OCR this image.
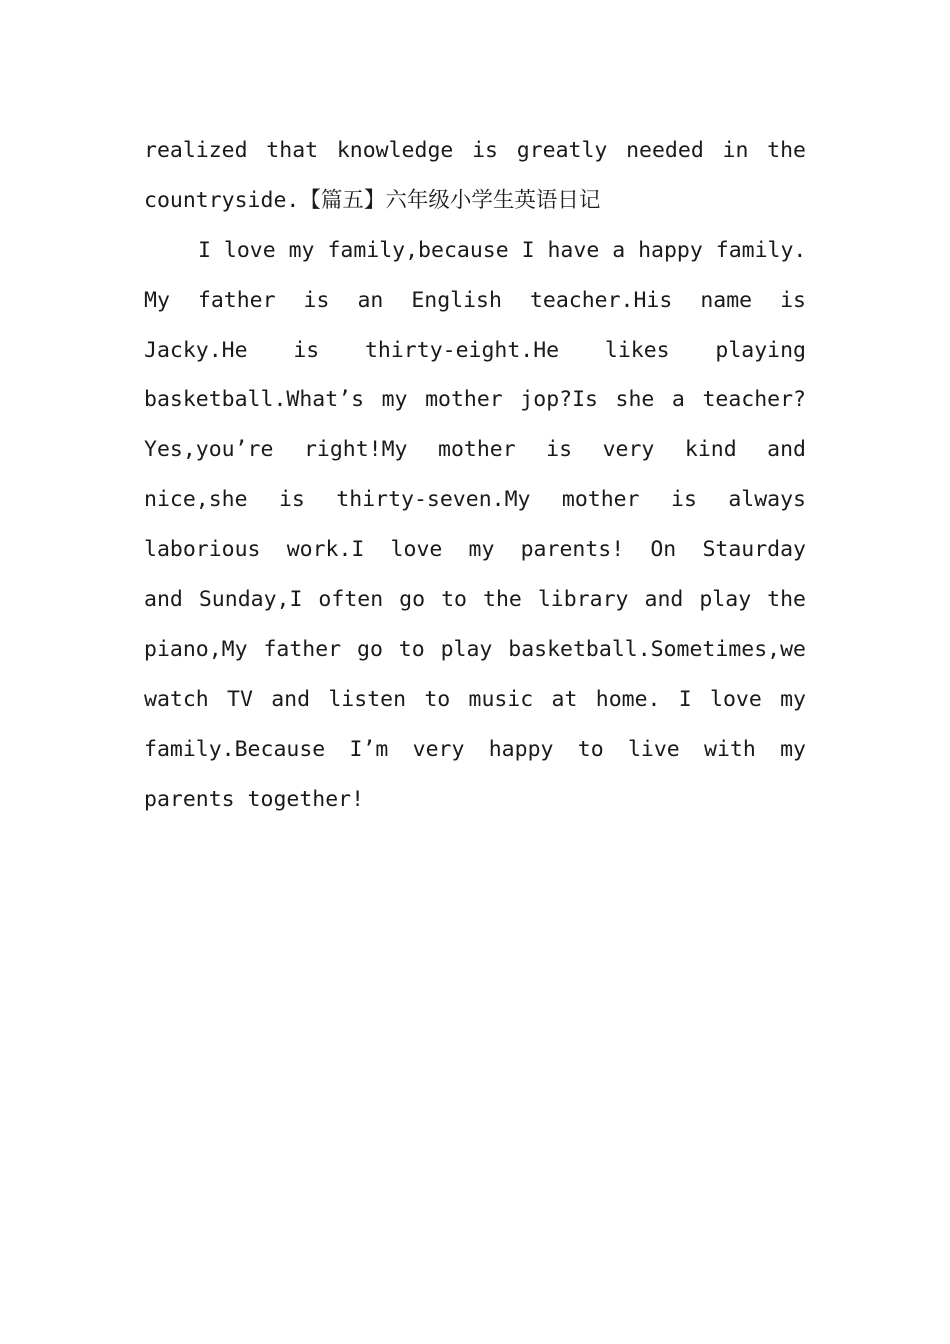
realized that knowledge is greatly needed in the
countryside.【篇五】六年级小学生英语日记
I love my family,because I have a happy family.
My father is an English teacher.His name is
Jacky.He is thirty-eight.He likes playing
basketball.What’s my mother jop?Is she a teacher?
Yes,you’re right!My mother is very kind and
nice,she is thirty-seven.My mother is always
laborious work.I love my parents! On Staurday
and Sunday,I often go to the library and play the
piano,My father go to play basketball.Sometimes,we
watch TV and listen to music at home. I love my
family.Because I’m very happy to live with my
parents together!
